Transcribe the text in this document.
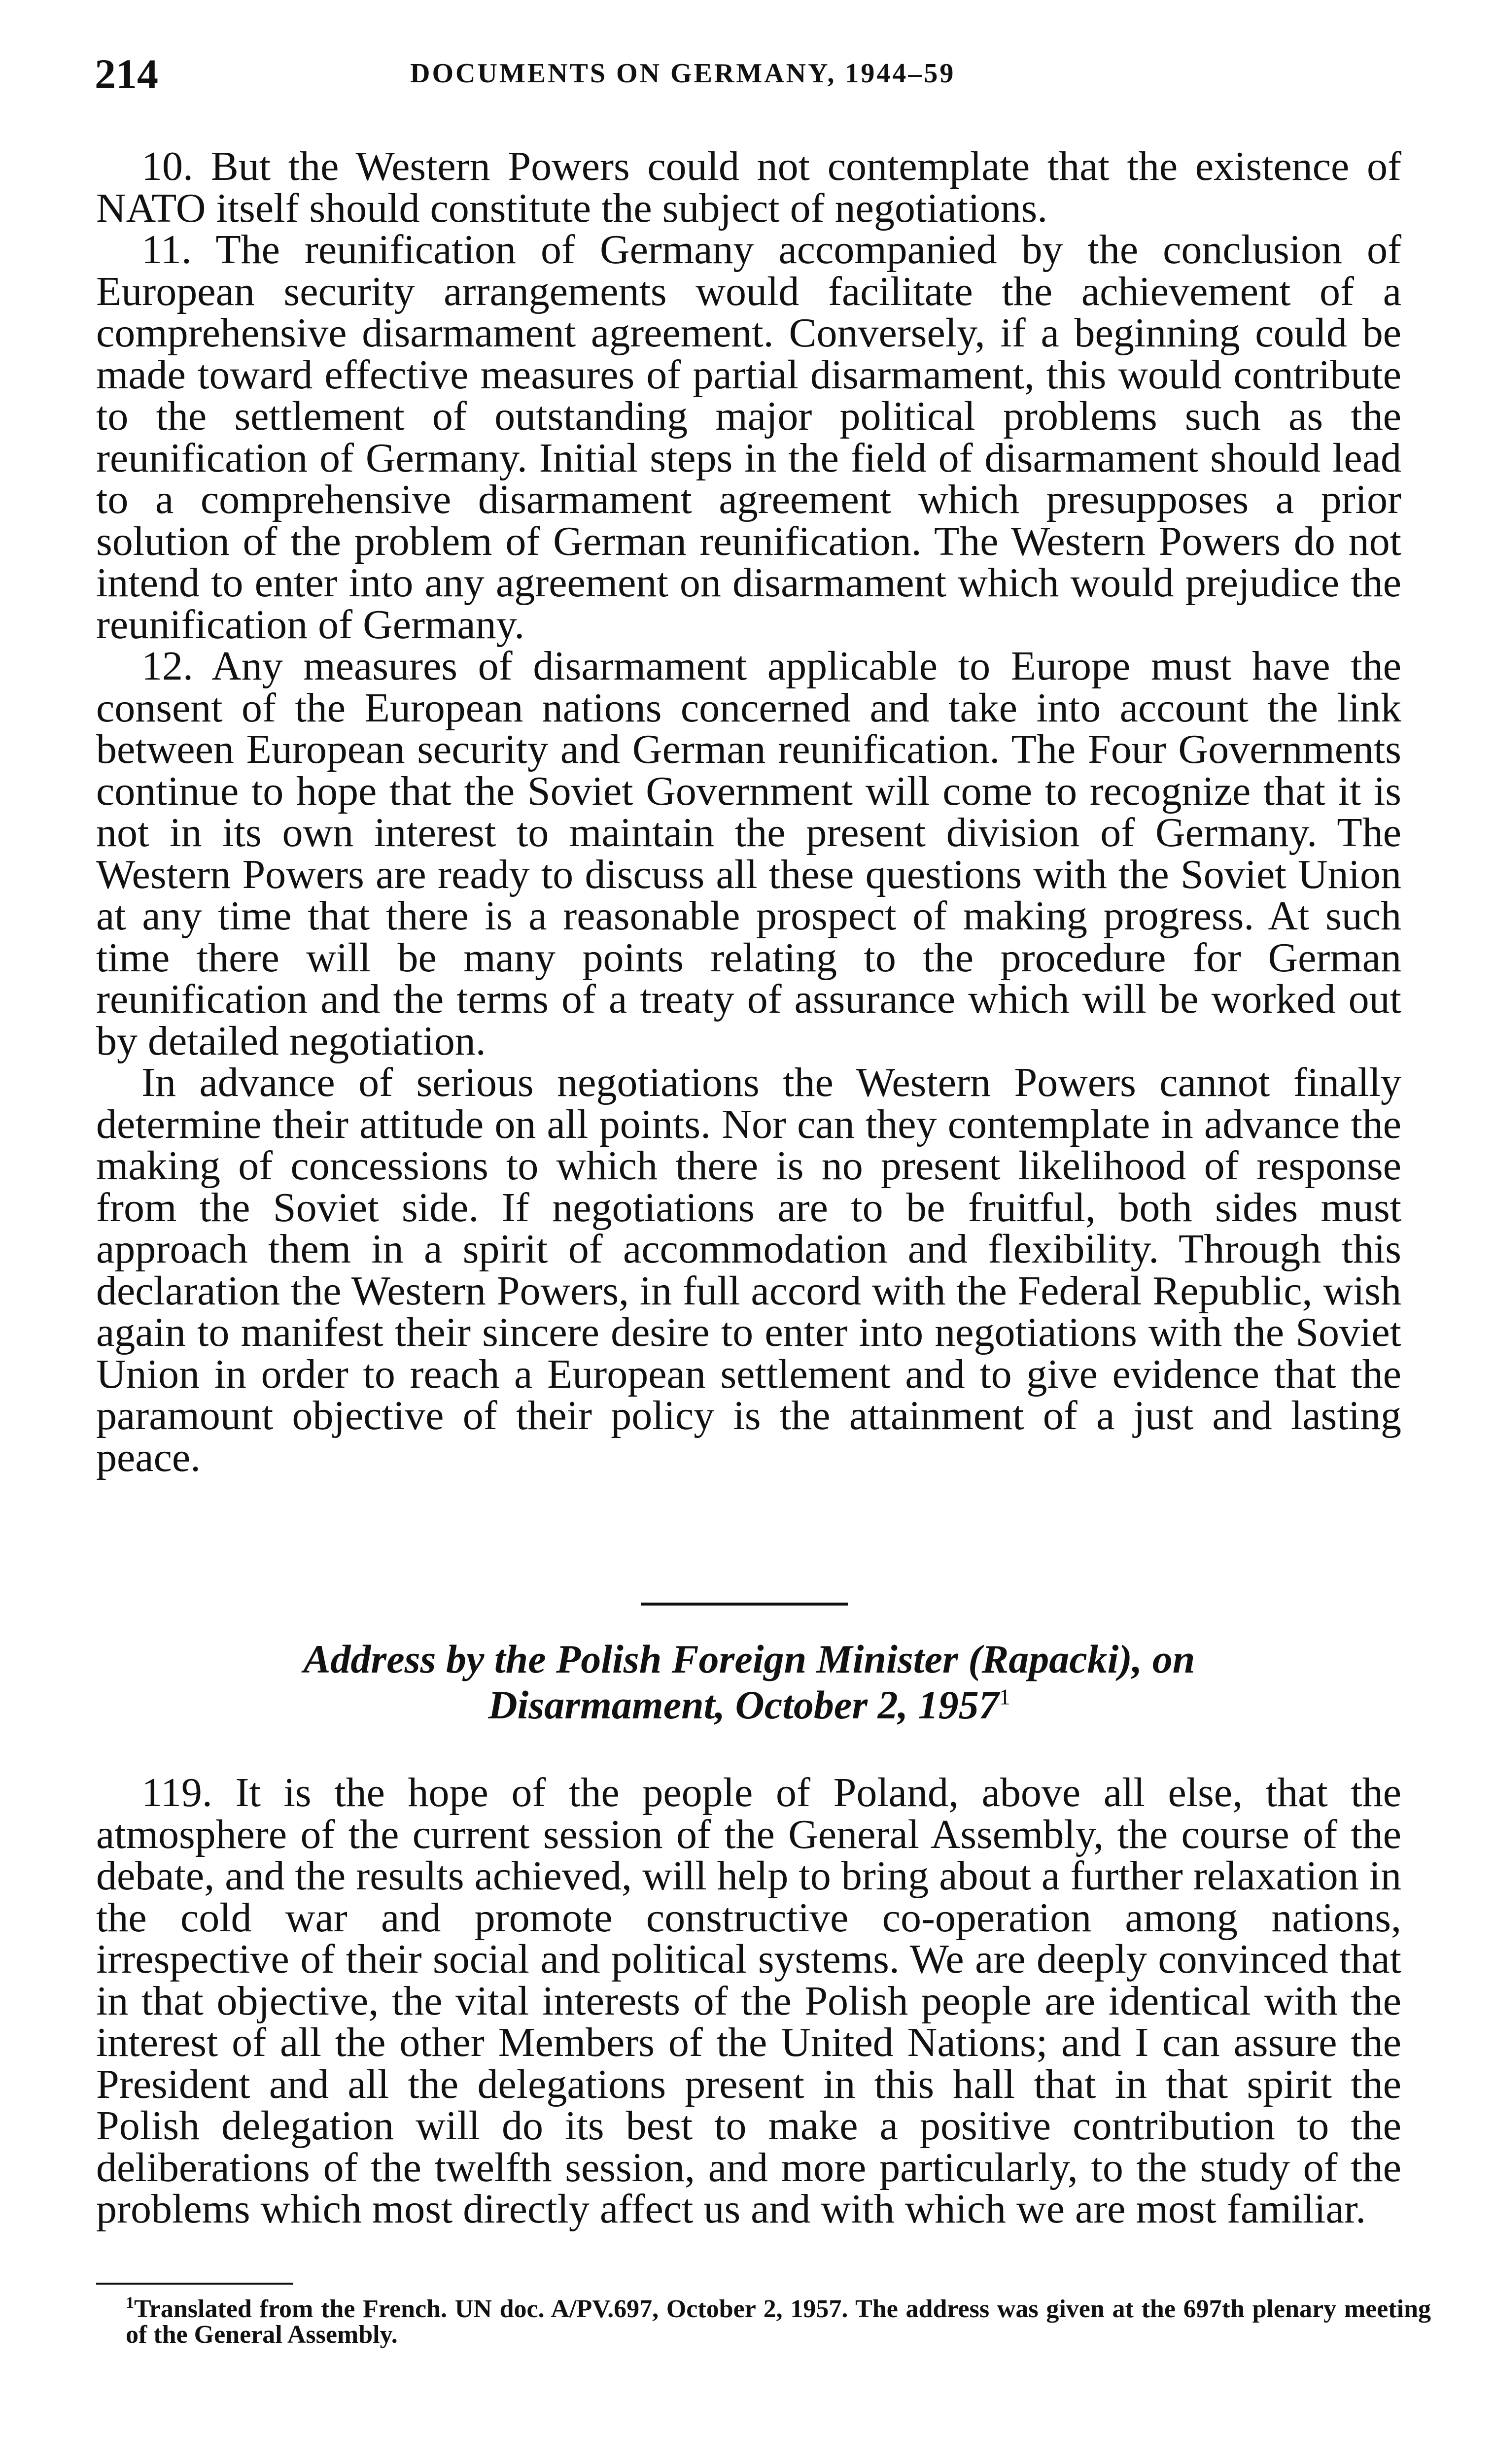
214	DOCUMENTS ON GERMANY, 1944–59

10. But the Western Powers could not contemplate that the existence of NATO itself should constitute the subject of negotiations.

11. The reunification of Germany accompanied by the conclusion of European security arrangements would facilitate the achievement of a comprehensive disarmament agreement. Conversely, if a beginning could be made toward effective measures of partial disarmament, this would contribute to the settlement of outstanding major political problems such as the reunification of Germany. Initial steps in the field of disarmament should lead to a comprehensive disarmament agreement which presupposes a prior solution of the problem of German reunification. The Western Powers do not intend to enter into any agreement on disarmament which would prejudice the reunification of Germany.

12. Any measures of disarmament applicable to Europe must have the consent of the European nations concerned and take into account the link between European security and German reunification. The Four Governments continue to hope that the Soviet Government will come to recognize that it is not in its own interest to maintain the present division of Germany. The Western Powers are ready to discuss all these questions with the Soviet Union at any time that there is a reasonable prospect of making progress. At such time there will be many points relating to the procedure for German reunification and the terms of a treaty of assurance which will be worked out by detailed negotiation.

In advance of serious negotiations the Western Powers cannot finally determine their attitude on all points. Nor can they contemplate in advance the making of concessions to which there is no present likelihood of response from the Soviet side. If negotiations are to be fruitful, both sides must approach them in a spirit of accommodation and flexibility. Through this declaration the Western Powers, in full accord with the Federal Republic, wish again to manifest their sincere desire to enter into negotiations with the Soviet Union in order to reach a European settlement and to give evidence that the paramount objective of their policy is the attainment of a just and lasting peace.

Address by the Polish Foreign Minister (Rapacki), on
Disarmament, October 2, 1957$^1$

119. It is the hope of the people of Poland, above all else, that the atmosphere of the current session of the General Assembly, the course of the debate, and the results achieved, will help to bring about a further relaxation in the cold war and promote constructive co-operation among nations, irrespective of their social and political systems. We are deeply convinced that in that objective, the vital interests of the Polish people are identical with the interest of all the other Members of the United Nations; and I can assure the President and all the delegations present in this hall that in that spirit the Polish delegation will do its best to make a positive contribution to the deliberations of the twelfth session, and more particularly, to the study of the problems which most directly affect us and with which we are most familiar.

$^1$Translated from the French. UN doc. A/PV.697, October 2, 1957. The address was given at the 697th plenary meeting of the General Assembly.
